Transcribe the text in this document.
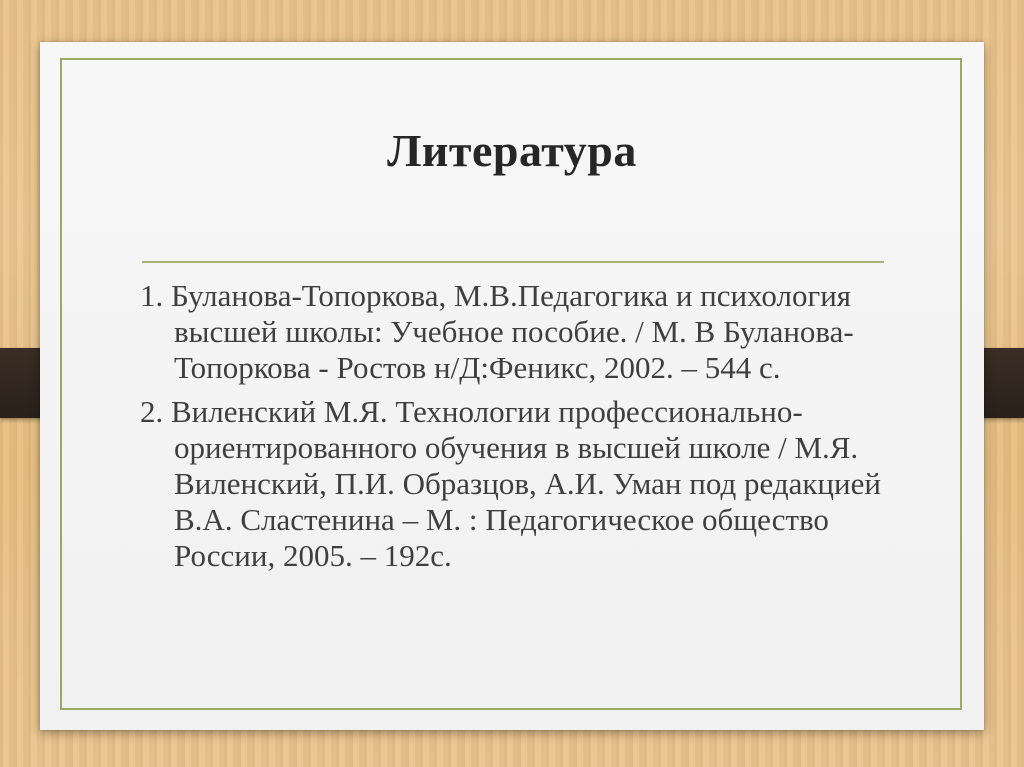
Литература
1. Буланова-Топоркова, М.В.Педагогика и психология высшей школы: Учебное пособие. / М. В Буланова-Топоркова - Ростов н/Д:Феникс, 2002. – 544 с.
2. Виленский М.Я. Технологии профессионально- ориентированного обучения в высшей школе / М.Я. Виленский, П.И. Образцов, А.И. Уман под редакцией В.А. Сластенина – М. : Педагогическое общество России, 2005. – 192с.
